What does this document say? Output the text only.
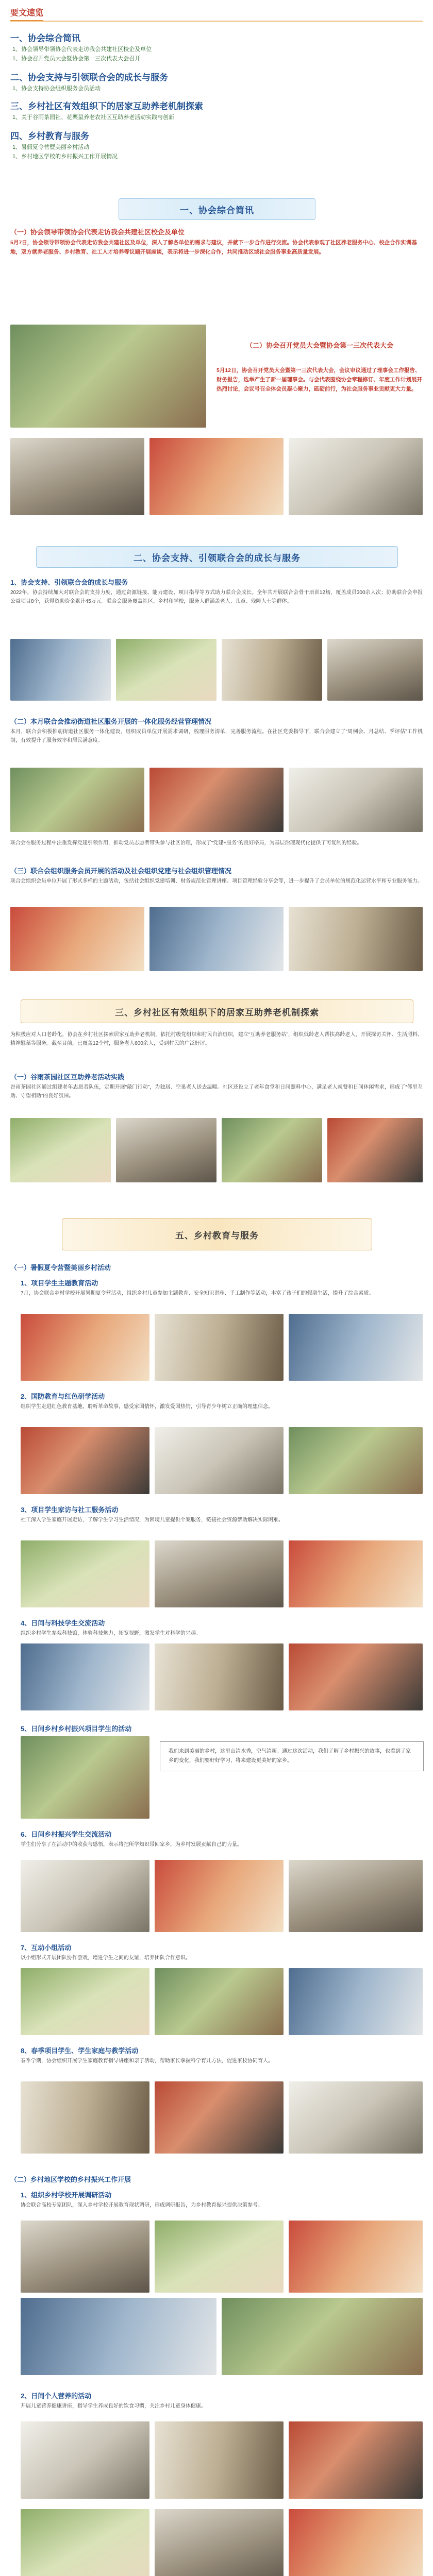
要文速览
一、协会综合简讯
1、 协会领导带领协会代表走访我会共建社区校企及单位
1、 协会召开党员大会暨协会第一三次代表大会召开
二、协会支持与引领联合会的成长与服务
1、 协会支持协会组织服务会员活动
三、乡村社区有效组织下的居家互助养老机制探索
1、 关于谷雨茶园社、花栗鼠养老农社区互助养老活动实践与创新
四、乡村教育与服务
1、 暑假夏令营暨美丽乡村活动
1、 乡村地区学校的乡村振兴工作开展情况
一、协会综合简讯
（一）协会领导带领协会代表走访我会共建社区校企及单位
5月7日，协会领导带领协会代表走访我会共建社区及单位，深入了解各单位的需求与建议，并就下一步合作进行交流。协会代表参观了社区养老服务中心、校企合作实训基地，双方就养老服务、乡村教育、社工人才培养等议题开展座谈，表示将进一步深化合作，共同推动区域社会服务事业高质量发展。
（二）协会召开党员大会暨协会第一三次代表大会
5月12日，协会召开党员大会暨第一三次代表大会，会议审议通过了理事会工作报告、财务报告，选举产生了新一届理事会。与会代表围绕协会章程修订、年度工作计划展开热烈讨论，会议号召全体会员凝心聚力，砥砺前行，为社会服务事业贡献更大力量。
二、协会支持、引领联合会的成长与服务
1、协会支持、引领联合会的成长与服务
2022年，协会持续加大对联合会的支持力度，通过资源链接、能力建设、项目指导等方式助力联合会成长。全年共开展联合会骨干培训12场，覆盖成员300余人次；协助联合会申报公益项目8个，获得资助资金累计45万元。联合会服务覆盖社区、乡村和学校，服务人群涵盖老人、儿童、残障人士等群体。
（二）本月联合会推动街道社区服务开展的一体化服务经营管理情况
本月，联合会积极推动街道社区服务一体化建设，组织成员单位开展需求调研，梳理服务清单，完善服务流程。在社区党委指导下，联合会建立了“周例会、月总结、季评估”工作机制，有效提升了服务效率和居民满意度。
联合会在服务过程中注重发挥党建引领作用，推动党员志愿者带头参与社区治理，形成了“党建+服务”的良好格局，为基层治理现代化提供了可复制的经验。
（三）联合会组织服务会员开展的活动及社会组织党建与社会组织管理情况
联合会组织会员单位开展了形式多样的主题活动，包括社会组织党建培训、财务规范化管理讲座、项目管理经验分享会等，进一步提升了会员单位的规范化运营水平和专业服务能力。
三、乡村社区有效组织下的居家互助养老机制探索
为积极应对人口老龄化，协会在乡村社区探索居家互助养老机制，依托村级党组织和村民自治组织，建立“互助养老服务站”，组织低龄老人帮扶高龄老人，开展探访关怀、生活照料、精神慰藉等服务。截至目前，已覆盖12个村，服务老人600余人，受到村民的广泛好评。
（一）谷雨茶园社区互助养老活动实践
谷雨茶园社区通过组建老年志愿者队伍，定期开展“敲门行动”，为独居、空巢老人送去温暖。社区还设立了老年食堂和日间照料中心，满足老人就餐和日间休闲需求，形成了“邻里互助、守望相助”的良好氛围。
五、乡村教育与服务
（一）暑假夏令营暨美丽乡村活动
1、项目学生主题教育活动
7月，协会联合乡村学校开展暑期夏令营活动，组织乡村儿童参加主题教育、安全知识讲座、手工制作等活动，丰富了孩子们的假期生活，提升了综合素质。
2、国防教育与红色研学活动
组织学生走进红色教育基地，聆听革命故事，感受家国情怀，激发爱国热情，引导青少年树立正确的理想信念。
3、项目学生家访与社工服务活动
社工深入学生家庭开展走访，了解学生学习生活情况，为困境儿童提供个案服务，链接社会资源帮助解决实际困难。
4、日间与科技学生交流活动
组织乡村学生参观科技馆，体验科技魅力，拓宽视野，激发学生对科学的兴趣。
5、日间乡村乡村振兴项目学生的活动
我们来到美丽的乡村，这里山清水秀，空气清新。通过这次活动，我们了解了乡村振兴的故事，也看到了家乡的变化，我们要好好学习，将来建设更美好的家乡。
6、日间乡村振兴学生交流活动
学生们分享了在活动中的收获与感悟，表示将把所学知识带回家乡，为乡村发展贡献自己的力量。
7、互动小组活动
以小组形式开展团队协作游戏，增进学生之间的友谊，培养团队合作意识。
8、春季项目学生、学生家庭与教学活动
春季学期，协会组织开展学生家庭教育指导讲座和亲子活动，帮助家长掌握科学育儿方法，促进家校协同育人。
（二）乡村地区学校的乡村振兴工作开展
1、组织乡村学校开展调研活动
协会联合高校专家团队，深入乡村学校开展教育现状调研，形成调研报告，为乡村教育振兴提供决策参考。
2、日间个人营养的活动
开展儿童营养健康讲座，指导学生养成良好的饮食习惯，关注乡村儿童身体健康。
